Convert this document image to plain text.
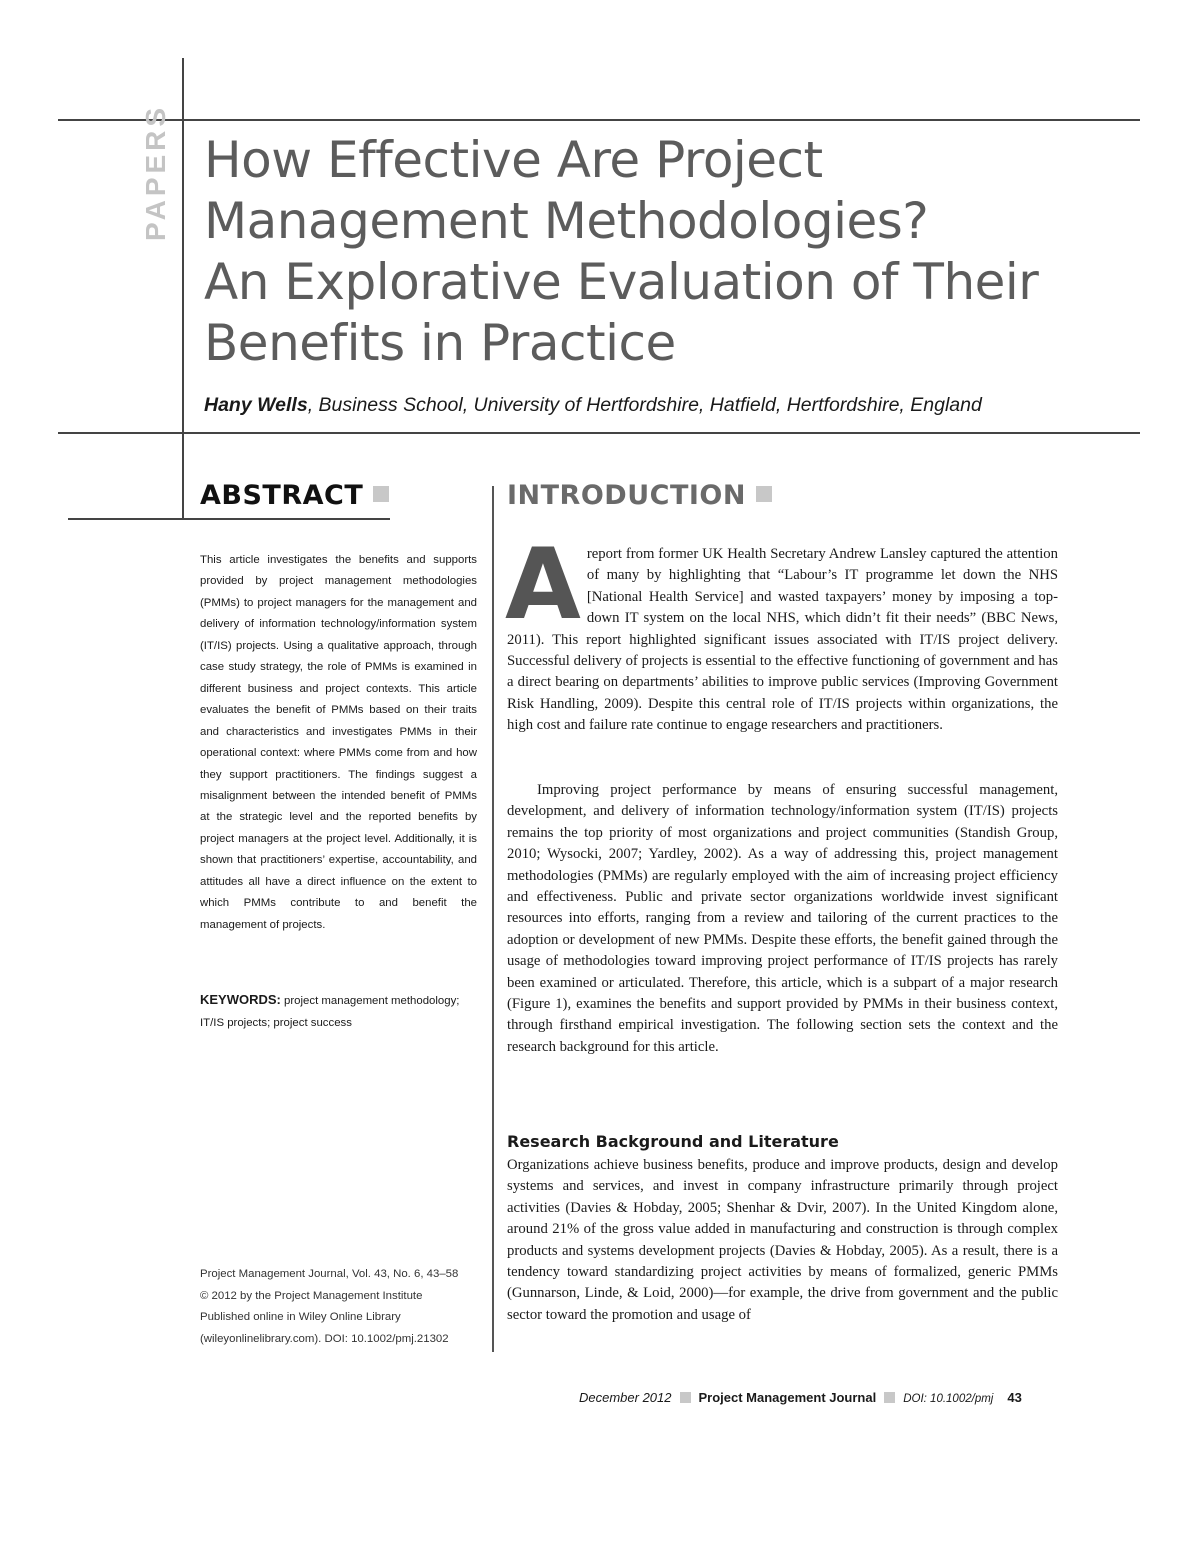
PAPERS How Effective Are Project
Management Methodologies?
An Explorative Evaluation of Their
Benefits in Practice
Hany Wells, Business School, University of Hertfordshire, Hatfield, Hertfordshire, England
ABSTRACT

This article investigates the benefits and supports provided by project management methodologies (PMMs) to project managers for the management and delivery of information technology/information system (IT/IS) projects. Using a qualitative approach, through case study strategy, the role of PMMs is examined in different business and project contexts. This article evaluates the benefit of PMMs based on their traits and characteristics and investigates PMMs in their operational context: where PMMs come from and how they support practitioners. The findings suggest a misalignment between the intended benefit of PMMs at the strategic level and the reported benefits by project managers at the project level. Additionally, it is shown that practitioners’ expertise, accountability, and attitudes all have a direct influence on the extent to which PMMs contribute to and benefit the management of projects.

KEYWORDS: project management methodology; IT/IS projects; project success

Project Management Journal, Vol. 43, No. 6, 43–58
© 2012 by the Project Management Institute
Published online in Wiley Online Library
(wileyonlinelibrary.com). DOI: 10.1002/pmj.21302
INTRODUCTION

A report from former UK Health Secretary Andrew Lansley captured the attention of many by highlighting that “Labour’s IT programme let down the NHS [National Health Service] and wasted taxpayers’ money by imposing a top-down IT system on the local NHS, which didn’t fit their needs” (BBC News, 2011). This report highlighted significant issues associated with IT/IS project delivery. Successful delivery of projects is essential to the effective functioning of government and has a direct bearing on departments’ abilities to improve public services (Improving Government Risk Handling, 2009). Despite this central role of IT/IS projects within organizations, the high cost and failure rate continue to engage researchers and practitioners.

Improving project performance by means of ensuring successful management, development, and delivery of information technology/information system (IT/IS) projects remains the top priority of most organizations and project communities (Standish Group, 2010; Wysocki, 2007; Yardley, 2002). As a way of addressing this, project management methodologies (PMMs) are regularly employed with the aim of increasing project efficiency and effectiveness. Public and private sector organizations worldwide invest significant resources into efforts, ranging from a review and tailoring of the current practices to the adoption or development of new PMMs. Despite these efforts, the benefit gained through the usage of methodologies toward improving project performance of IT/IS projects has rarely been examined or articulated. Therefore, this article, which is a subpart of a major research (Figure 1), examines the benefits and support provided by PMMs in their business context, through firsthand empirical investigation. The following section sets the context and the research background for this article.

Research Background and Literature

Organizations achieve business benefits, produce and improve products, design and develop systems and services, and invest in company infrastructure primarily through project activities (Davies & Hobday, 2005; Shenhar & Dvir, 2007). In the United Kingdom alone, around 21% of the gross value added in manufacturing and construction is through complex products and systems development projects (Davies & Hobday, 2005). As a result, there is a tendency toward standardizing project activities by means of formalized, generic PMMs (Gunnarson, Linde, & Loid, 2000)—for example, the drive from government and the public sector toward the promotion and usage of

December 2012 Project Management Journal DOI: 10.1002/pmj 43
